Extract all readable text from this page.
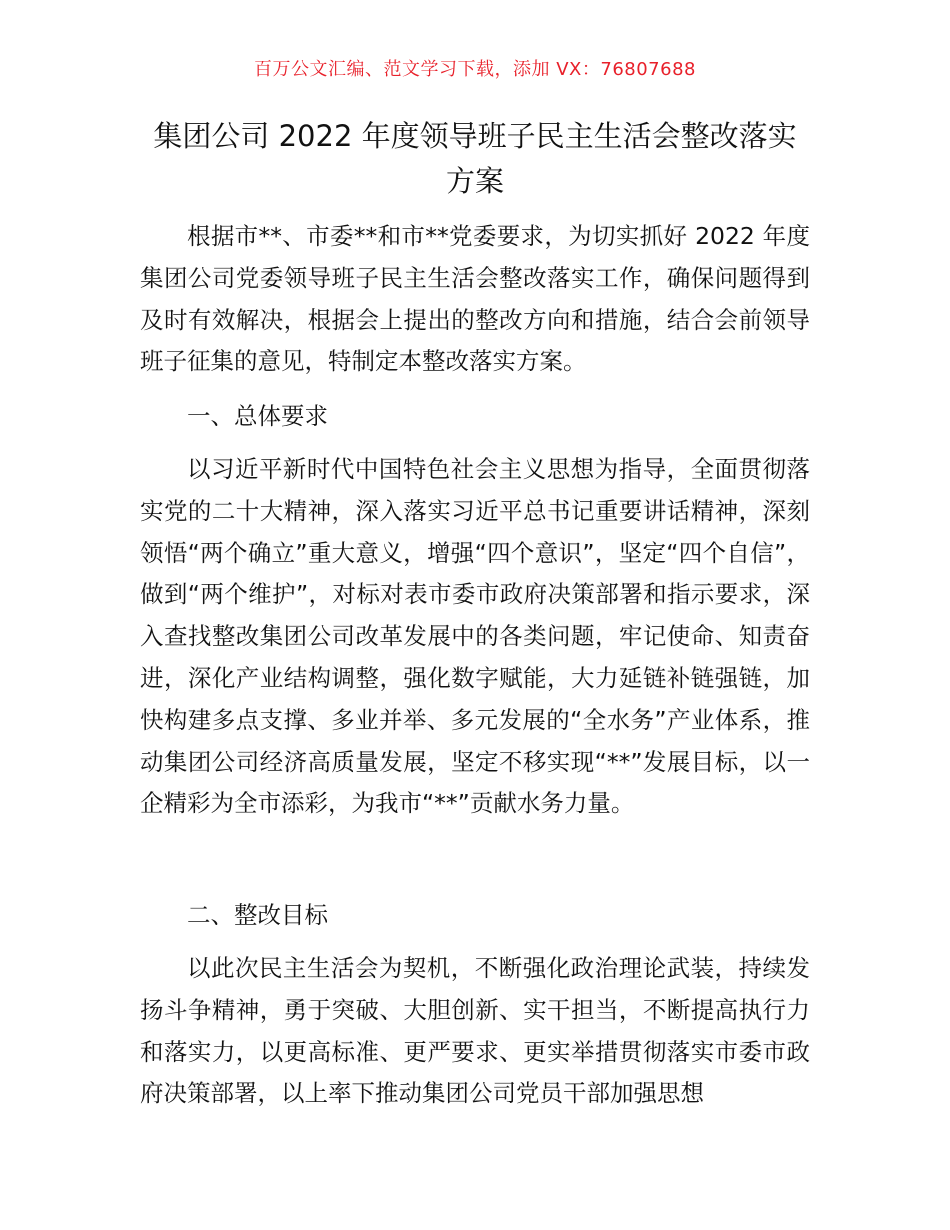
百万公文汇编、范文学习下载，添加 VX：76807688
集团公司 2022 年度领导班子民主生活会整改落实方案

根据市**、市委**和市**党委要求，为切实抓好 2022 年度集团公司党委领导班子民主生活会整改落实工作，确保问题得到及时有效解决，根据会上提出的整改方向和措施，结合会前领导班子征集的意见，特制定本整改落实方案。

一、总体要求

以习近平新时代中国特色社会主义思想为指导，全面贯彻落实党的二十大精神，深入落实习近平总书记重要讲话精神，深刻领悟“两个确立”重大意义，增强“四个意识”，坚定“四个自信”，做到“两个维护”，对标对表市委市政府决策部署和指示要求，深入查找整改集团公司改革发展中的各类问题，牢记使命、知责奋进，深化产业结构调整，强化数字赋能，大力延链补链强链，加快构建多点支撑、多业并举、多元发展的“全水务”产业体系，推动集团公司经济高质量发展，坚定不移实现“**”发展目标，以一企精彩为全市添彩，为我市“**”贡献水务力量。

二、整改目标

以此次民主生活会为契机，不断强化政治理论武装，持续发扬斗争精神，勇于突破、大胆创新、实干担当，不断提高执行力和落实力，以更高标准、更严要求、更实举措贯彻落实市委市政府决策部署，以上率下推动集团公司党员干部加强思想
